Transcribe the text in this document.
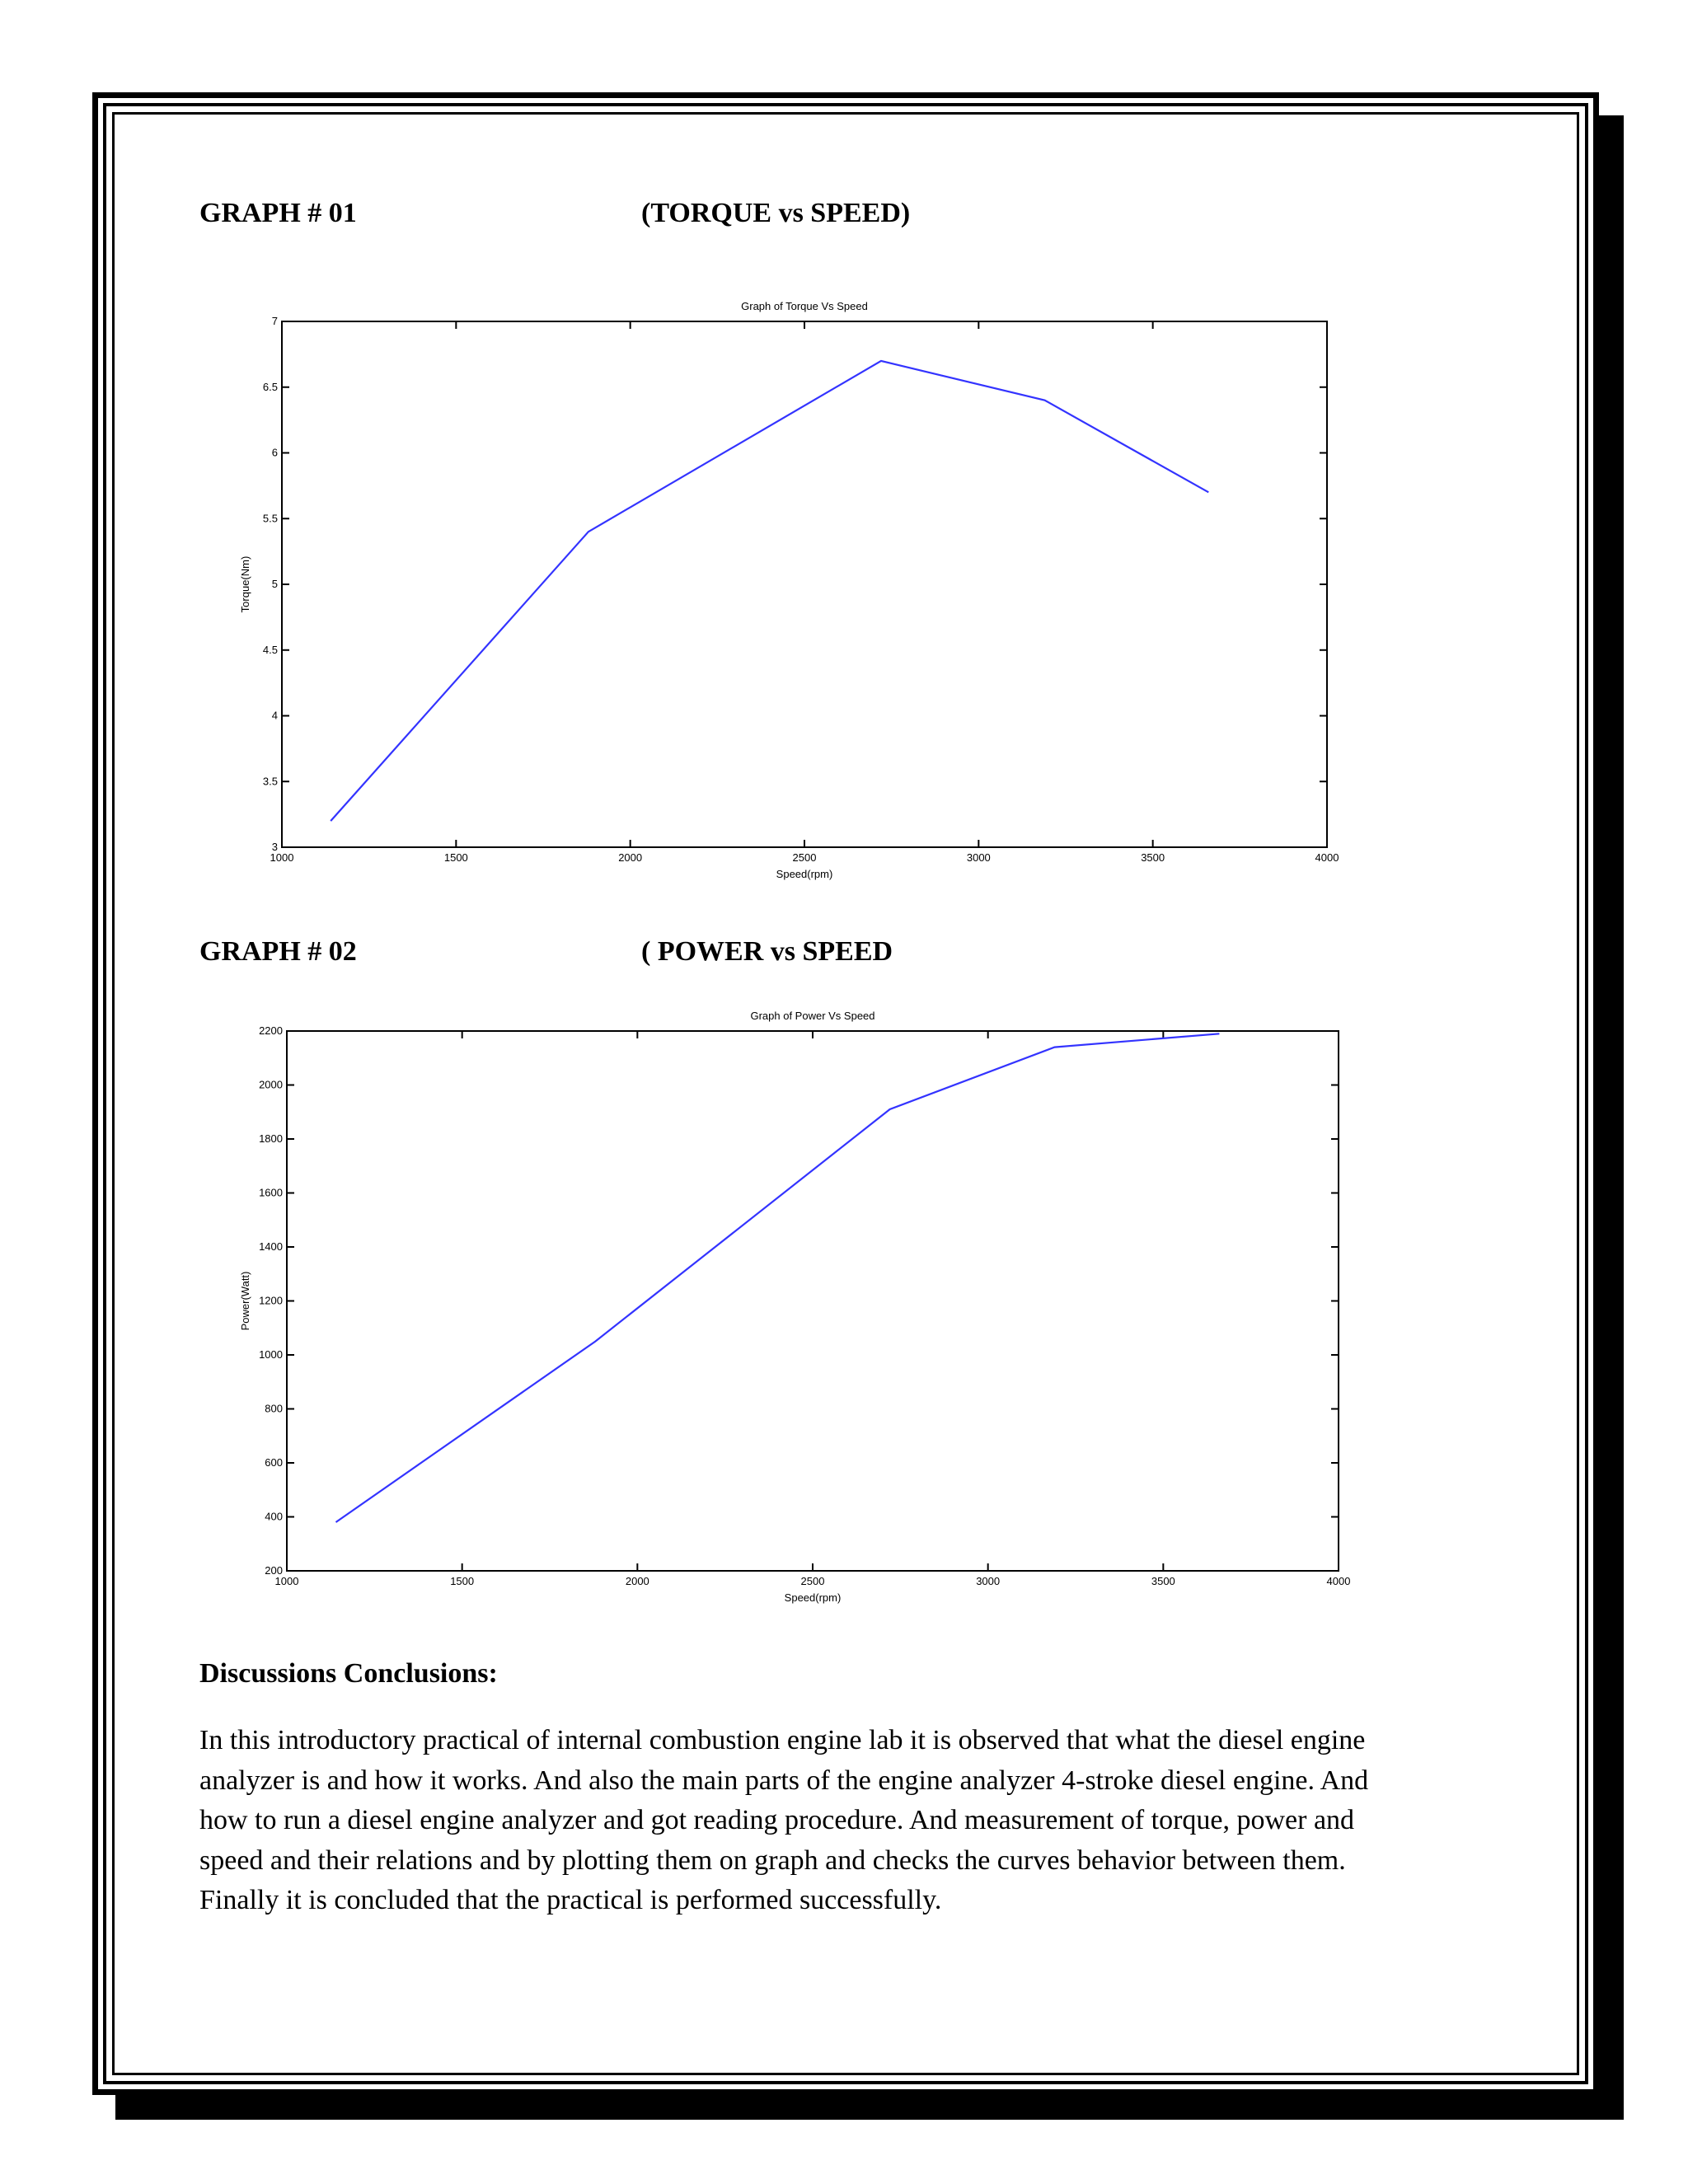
GRAPH # 01	(TORQUE vs SPEED)
1000	1500	2000	2500	3000	3500	4000
3
3.5
4
4.5
5
5.5
6
6.5
7
Graph of Torque Vs Speed
Speed(rpm)
Torque(Nm)
GRAPH # 02	( POWER vs SPEED
1000	1500	2000	2500	3000	3500	4000
200
400
600
800
1000
1200
1400
1600
1800
2000
2200
Graph of Power Vs Speed
Speed(rpm)
Power(Watt)
Discussions Conclusions:
In this introductory practical of internal combustion engine lab it is observed that what the diesel engine
analyzer is and how it works. And also the main parts of the engine analyzer 4-stroke diesel engine. And
how to run a diesel engine analyzer and got reading procedure. And measurement of torque, power and
speed and their relations and by plotting them on graph and checks the curves behavior between them.
Finally it is concluded that the practical is performed successfully.
